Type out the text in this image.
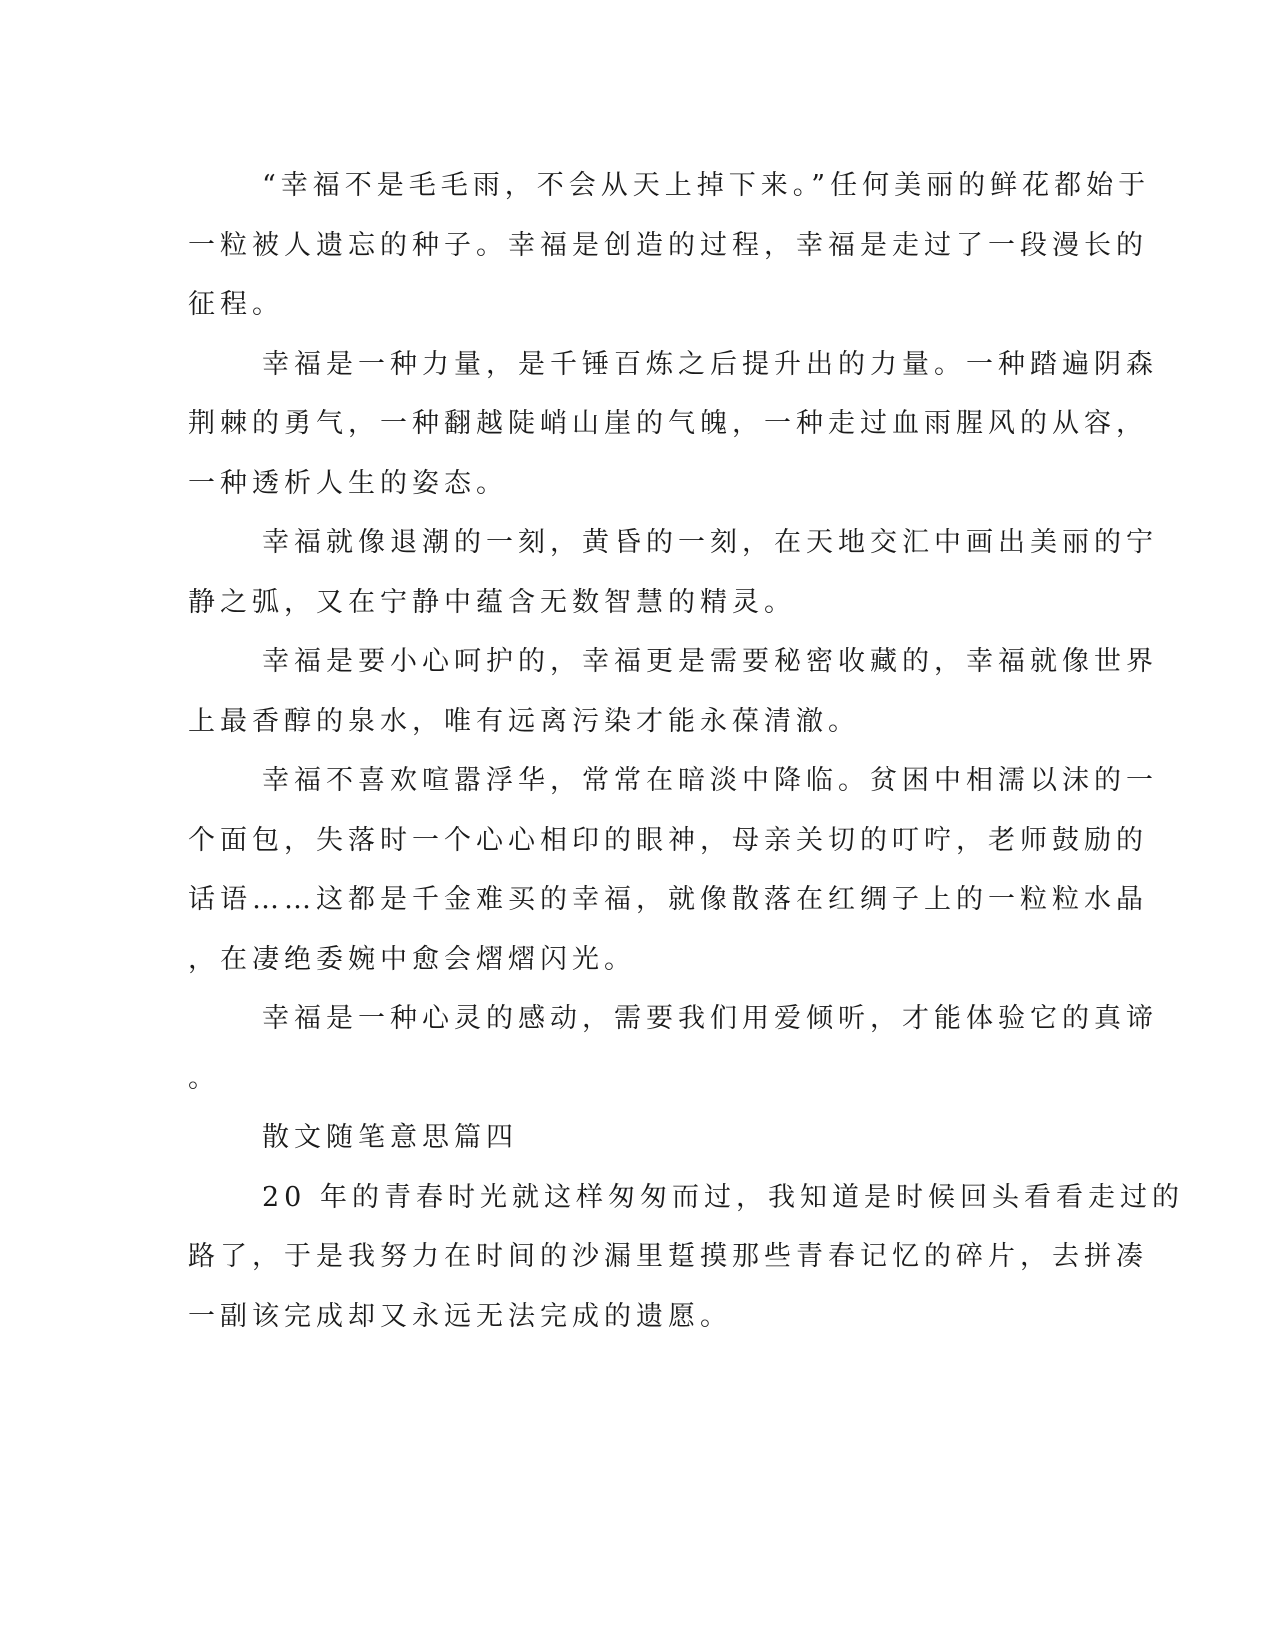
“幸福不是毛毛雨，不会从天上掉下来。”任何美丽的鲜花都始于
一粒被人遗忘的种子。幸福是创造的过程，幸福是走过了一段漫长的
征程。
幸福是一种力量，是千锤百炼之后提升出的力量。一种踏遍阴森
荆棘的勇气，一种翻越陡峭山崖的气魄，一种走过血雨腥风的从容，
一种透析人生的姿态。
幸福就像退潮的一刻，黄昏的一刻，在天地交汇中画出美丽的宁
静之弧，又在宁静中蕴含无数智慧的精灵。
幸福是要小心呵护的，幸福更是需要秘密收藏的，幸福就像世界
上最香醇的泉水，唯有远离污染才能永葆清澈。
幸福不喜欢喧嚣浮华，常常在暗淡中降临。贫困中相濡以沫的一
个面包，失落时一个心心相印的眼神，母亲关切的叮咛，老师鼓励的
话语……这都是千金难买的幸福，就像散落在红绸子上的一粒粒水晶
，在凄绝委婉中愈会熠熠闪光。
幸福是一种心灵的感动，需要我们用爱倾听，才能体验它的真谛
。
散文随笔意思篇四
20 年的青春时光就这样匆匆而过，我知道是时候回头看看走过的
路了，于是我努力在时间的沙漏里踅摸那些青春记忆的碎片，去拼凑
一副该完成却又永远无法完成的遗愿。
